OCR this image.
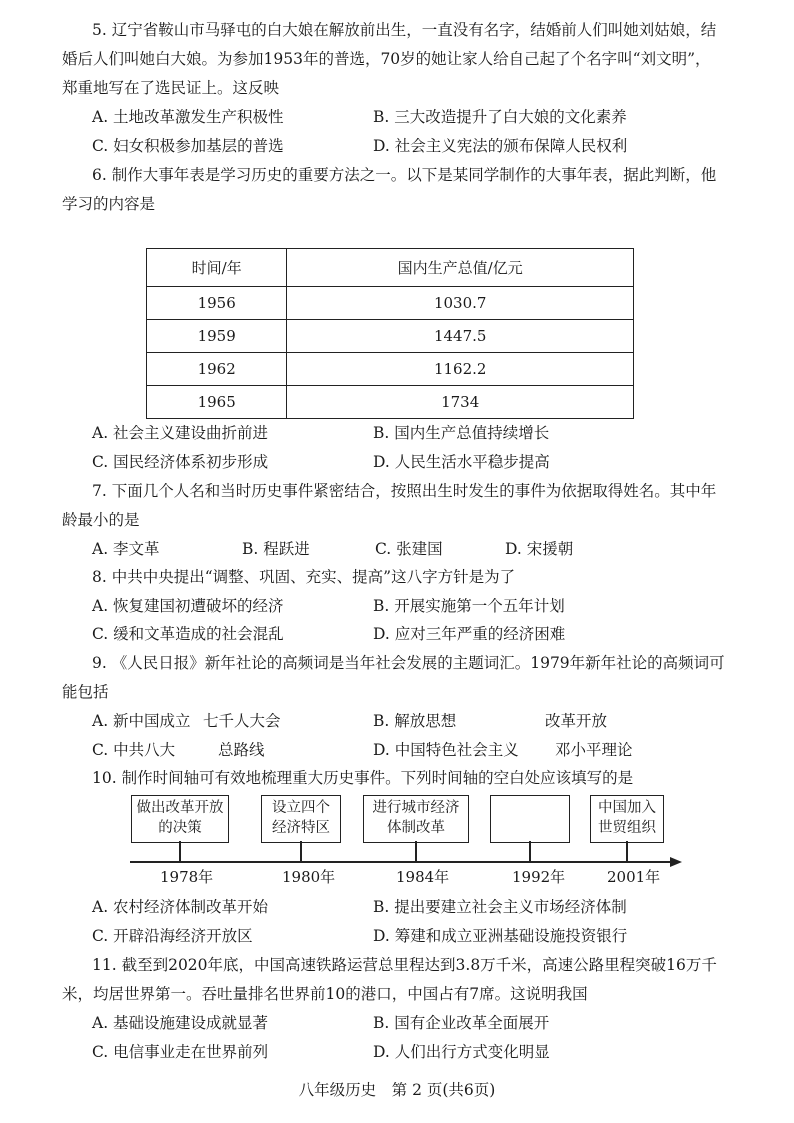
5. 辽宁省鞍山市马驿屯的白大娘在解放前出生，一直没有名字，结婚前人们叫她刘姑娘，结
婚后人们叫她白大娘。为参加1953年的普选，70岁的她让家人给自己起了个名字叫“刘文明”，
郑重地写在了选民证上。这反映
A. 土地改革激发生产积极性	B. 三大改造提升了白大娘的文化素养
C. 妇女积极参加基层的普选	D. 社会主义宪法的颁布保障人民权利
6. 制作大事年表是学习历史的重要方法之一。以下是某同学制作的大事年表，据此判断，他
学习的内容是
时间/年	国内生产总值/亿元
1956	1030.7
1959	1447.5
1962	1162.2
1965	1734
A. 社会主义建设曲折前进	B. 国内生产总值持续增长
C. 国民经济体系初步形成	D. 人民生活水平稳步提高
7. 下面几个人名和当时历史事件紧密结合，按照出生时发生的事件为依据取得姓名。其中年
龄最小的是
A. 李文革	B. 程跃进	C. 张建国	D. 宋援朝
8. 中共中央提出“调整、巩固、充实、提高”这八字方针是为了
A. 恢复建国初遭破坏的经济	B. 开展实施第一个五年计划
C. 缓和文革造成的社会混乱	D. 应对三年严重的经济困难
9. 《人民日报》新年社论的高频词是当年社会发展的主题词汇。1979年新年社论的高频词可
能包括
A. 新中国成立 七千人大会	B. 解放思想	改革开放
C. 中共八大	总路线	D. 中国特色社会主义 邓小平理论
10. 制作时间轴可有效地梳理重大历史事件。下列时间轴的空白处应该填写的是
做出改革开放
的决策
设立四个
经济特区
进行城市经济
体制改革
中国加入
世贸组织
1978年	1980年	1984年	1992年	2001年
A. 农村经济体制改革开始	B. 提出要建立社会主义市场经济体制
C. 开辟沿海经济开放区	D. 筹建和成立亚洲基础设施投资银行
11. 截至到2020年底，中国高速铁路运营总里程达到3.8万千米，高速公路里程突破16万千
米，均居世界第一。吞吐量排名世界前10的港口，中国占有7席。这说明我国
A. 基础设施建设成就显著	B. 国有企业改革全面展开
C. 电信事业走在世界前列	D. 人们出行方式变化明显
八年级历史　第 2 页(共6页)
